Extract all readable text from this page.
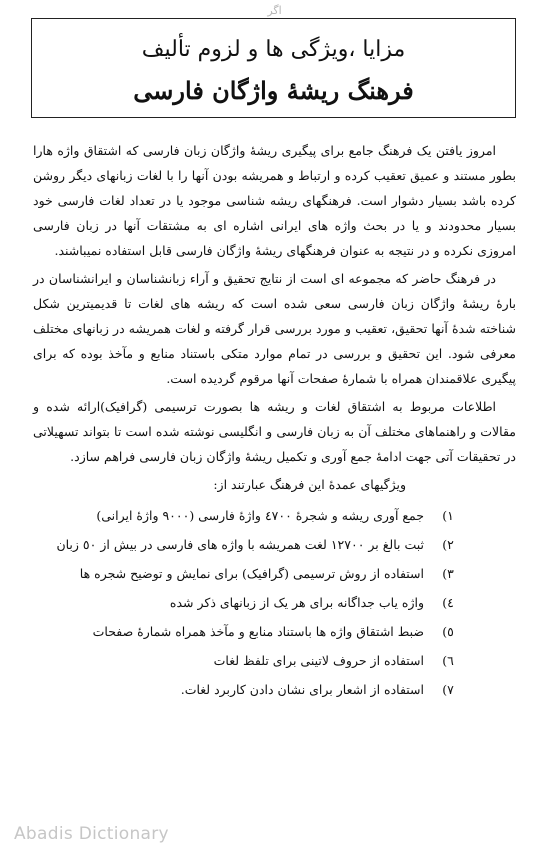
اگر
مزایا ،ویژگی ها و لزوم تألیف
فرهنگ ریشهٔ واژگان فارسی

امروز یافتن یک فرهنگ جامع برای پیگیری ریشهٔ واژگان زبان فارسی که اشتقاق واژه هارا بطور مستند و عمیق تعقیب کرده و ارتباط و همریشه بودن آنها را با لغات زبانهای دیگر روشن کرده باشد بسیار دشوار است. فرهنگهای ریشه شناسی موجود یا در تعداد لغات فارسی خود بسیار محدودند و یا در بحث واژه های ایرانی اشاره ای به مشتقات آنها در زبان فارسی امروزی نکرده و در نتیجه به عنوان فرهنگهای ریشهٔ واژگان فارسی قابل استفاده نمیباشند.

در فرهنگ حاضر که مجموعه ای است از نتایج تحقیق و آراء زبانشناسان و ایرانشناسان در بارهٔ ریشهٔ واژگان زبان فارسی سعی شده است که ریشه های لغات تا قدیمیترین شکل شناخته شدهٔ آنها تحقیق، تعقیب و مورد بررسی قرار گرفته و لغات همریشه در زبانهای مختلف معرفی شود. این تحقیق و بررسی در تمام موارد متکی باستناد منابع و مآخذ بوده که برای پیگیری علاقمندان همراه با شمارهٔ صفحات آنها مرقوم گردیده است.

اطلاعات مربوط به اشتقاق لغات و ریشه ها بصورت ترسیمی (گرافیک)ارائه شده و مقالات و راهنماهای مختلف آن به زبان فارسی و انگلیسی نوشته شده است تا بتواند تسهیلاتی در تحقیقات آتی جهت ادامهٔ جمع آوری و تکمیل ریشهٔ واژگان زبان فارسی فراهم سازد.

ویژگیهای عمدهٔ این فرهنگ عبارتند از:
١)
جمع آوری ریشه و شجرهٔ ٤٧٠٠ واژهٔ فارسی (٩٠٠٠ واژهٔ ایرانی)
٢)
ثبت بالغ بر ١٢٧٠٠ لغت همریشه با واژه های فارسی در بیش از ٥٠ زبان
٣)
استفاده از روش ترسیمی (گرافیک) برای نمایش و توضیح شجره ها
٤)
واژه یاب جداگانه برای هر یک از زبانهای ذکر شده
٥)
ضبط اشتقاق واژه ها باستناد منابع و مآخذ همراه شمارهٔ صفحات
٦)
استفاده از حروف لاتینی برای تلفظ لغات
٧)
استفاده از اشعار برای نشان دادن کاربرد لغات.
Abadis Dictionary
